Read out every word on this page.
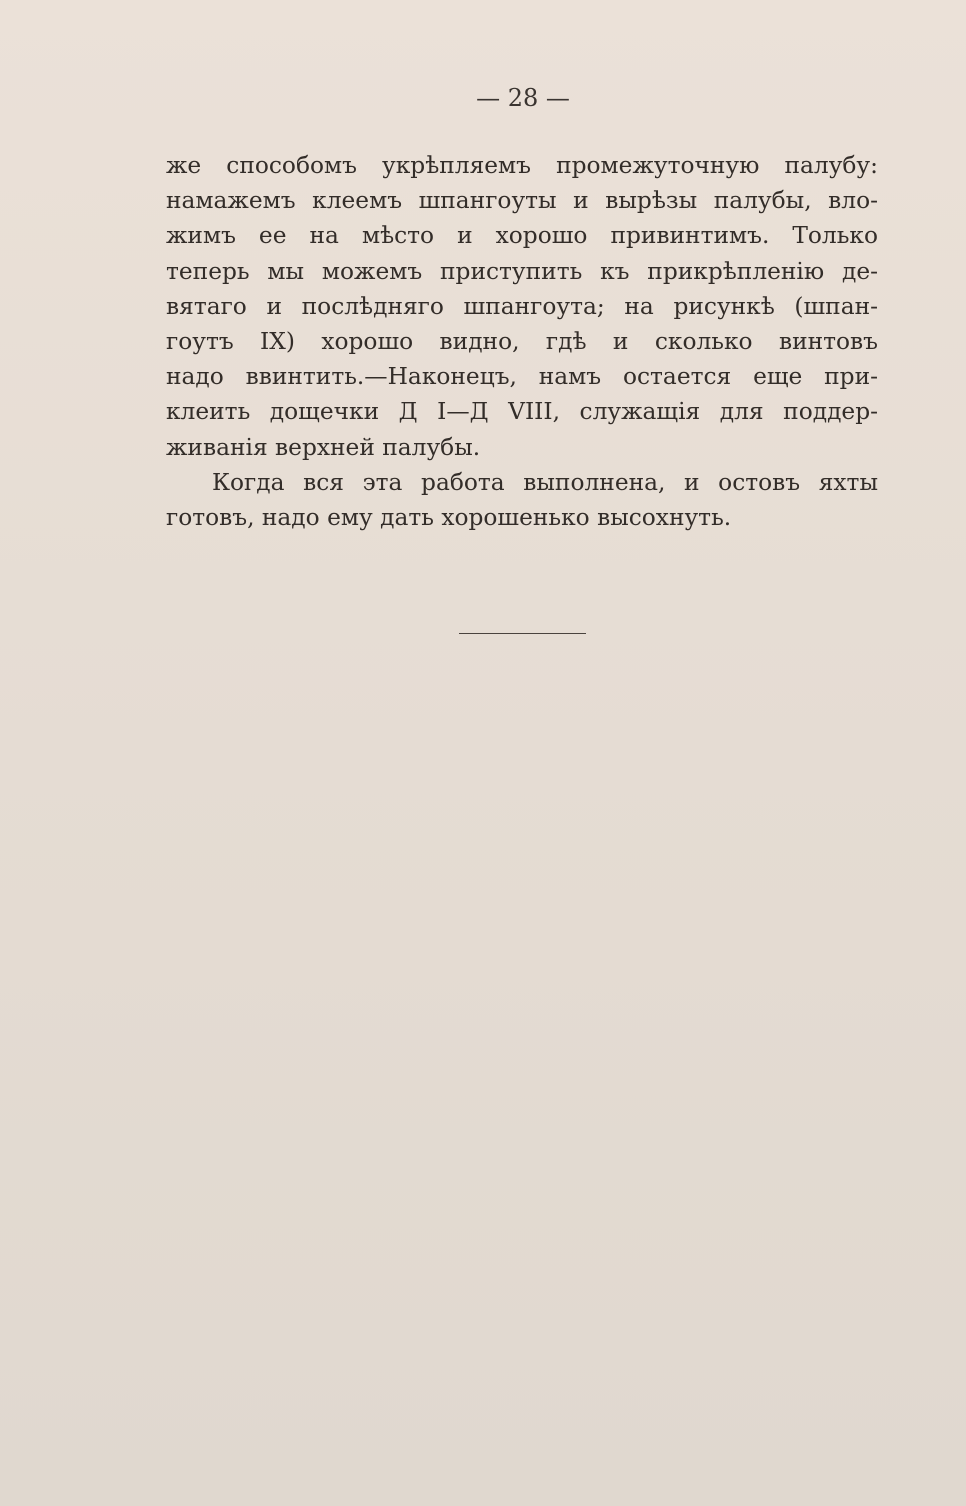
— 28 —
же способомъ укрѣпляемъ промежуточную палубу:
намажемъ клеемъ шпангоуты и вырѣзы палубы, вло-
жимъ ее на мѣсто и хорошо привинтимъ. Только
теперь мы можемъ приступить къ прикрѣпленію де-
вятаго и послѣдняго шпангоута; на рисункѣ (шпан-
гоутъ IX) хорошо видно, гдѣ и сколько винтовъ
надо ввинтить.—Наконецъ, намъ остается еще при-
клеить дощечки Д I—Д VIII, служащія для поддер-
живанія верхней палубы.
Когда вся эта работа выполнена, и остовъ яхты
готовъ, надо ему дать хорошенько высохнуть.
